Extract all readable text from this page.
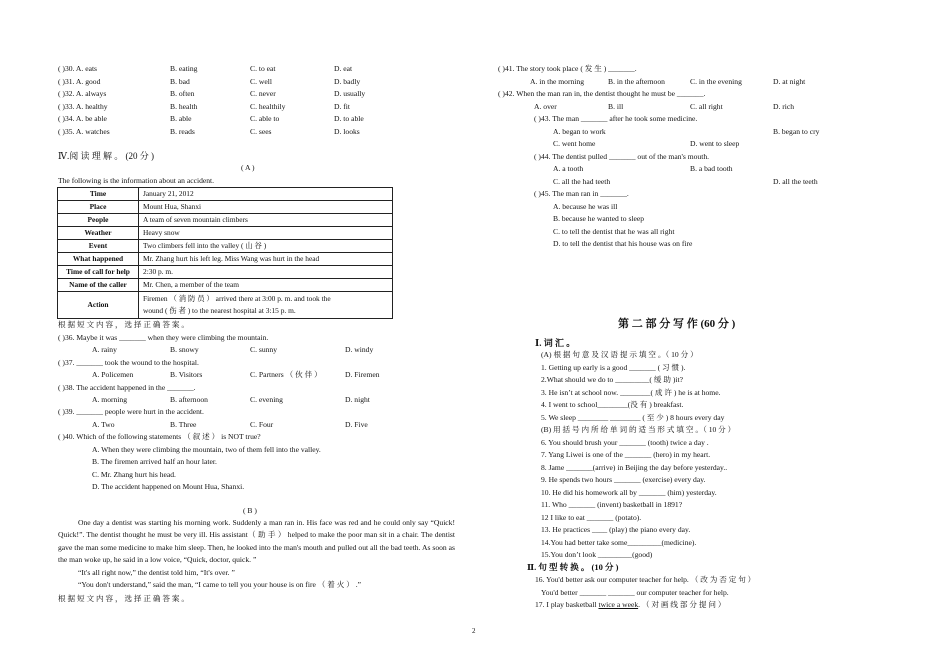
( )30. A. eats	B. eating	C. to eat	D. eat
( )31. A. good	B. bad	C. well	D. badly
( )32. A. always	B. often	C. never	D. usually
( )33. A. healthy	B. health	C. healthily	D. fit
( )34. A. be able	B. able	C. able to	D. to able
( )35. A. watches	B. reads	C. sees	D. looks
Ⅳ.阅 读 理 解 。 (20 分 )
( A )
The following is the information about an accident.
Time	January 21, 2012
Place	Mount Hua, Shanxi
People	A team of seven mountain climbers
Weather	Heavy snow
Event	Two climbers fell into the valley ( 山 谷 )
What happened	Mr. Zhang hurt his left leg. Miss Wang was hurt in the head
Time of call for help	2:30 p. m.
Name of the caller	Mr. Chen, a member of the team
Action	Firemen （ 消 防 员 ） arrived there at 3:00 p. m. and took the
wound ( 伤 者 ) to the nearest hospital at 3:15 p. m.
根 据 短 文 内 容 ， 选 择 正 确 答 案 。
( )36. Maybe it was _______ when they were climbing the mountain.
A. rainy	B. snowy	C. sunny	D. windy
( )37. _______ took the wound to the hospital.
A. Policemen	B. Visitors	C. Partners （ 伙 伴 ）	D. Firemen
( )38. The accident happened in the _______.
A. morning	B. afternoon	C. evening	D. night
( )39. _______ people were hurt in the accident.
A. Two	B. Three	C. Four	D. Five
( )40. Which of the following statements （ 叙 述 ） is NOT true?
A. When they were climbing the mountain, two of them fell into the valley.
B. The firemen arrived half an hour later.
C. Mr. Zhang hurt his head.
D. The accident happened on Mount Hua, Shanxi.
( B )

One day a dentist was starting his morning work. Suddenly a man ran in. His face was red and he could only say “Quick! Quick!”. The dentist thought he must be very ill. His assistant（ 助 手 ） helped to make the poor man sit in a chair. The dentist gave the man some medicine to make him sleep. Then, he looked into the man's mouth and pulled out all the bad teeth. As soon as the man woke up, he said in a low voice, “Quick, doctor, quick. ”

“It's all right now,” the dentist told him, “It's over. ”

“You don't understand,” said the man, “I came to tell you your house is on fire （ 着 火 ） .”

根 据 短 文 内 容 ， 选 择 正 确 答 案 。
( )41. The story took place ( 发 生 ) _______.
A. in the morning	B. in the afternoon	C. in the evening	D. at night
( )42. When the man ran in, the dentist thought he must be _______.
A. over	B. ill	C. all right	D. rich
( )43. The man _______ after he took some medicine.
A. began to work	B. began to cry
C. went home	D. went to sleep
( )44. The dentist pulled _______ out of the man's mouth.
A. a tooth	B. a bad tooth
C. all the had teeth	D. all the teeth
( )45. The man ran in _______.
A. because he was ill
B. because he wanted to sleep
C. to tell the dentist that he was all right
D. to tell the dentist that his house was on fire
第 二 部 分 写 作 (60 分 )
Ⅰ. 词 汇 。
(A) 根 据 句 意 及 汉 语 提 示 填 空 。（ 10 分 ）
1. Getting up early is a good _______ ( 习 惯 ).
2.What should we do to _________( 缓 助 )it?
3. He isn’t at school now. ________( 成 许 ) he is at home.
4. I went to school________(没 有 ) breakfast.
5. We sleep ________ ________ ( 至 少 ) 8 hours every day
(B) 用 括 号 内 所 给 单 词 的 适 当 形 式 填 空 。（ 10 分 ）
6. You should brush your _______ (tooth) twice a day .
7. Yang Liwei is one of the _______ (hero) in my heart.
8. Jame _______(arrive) in Beijing the day before yesterday..
9. He spends two hours _______ (exercise) every day.
10. He did his homework all by _______ (him) yesterday.
11. Who _______ (invent) basketball in 1891?
12 I like to eat _______ (potato).
13. He practices ____ (play) the piano every day.
14.You had better take some_________(medicine).
15.You don’t look _________(good)
Ⅱ. 句 型 转 换 。 (10 分 )
16. You'd better ask our computer teacher for help. （ 改 为 否 定 句 ）
You'd better _______ _______ our computer teacher for help.
17. I play basketball twice a week. （ 对 画 线 部 分 提 问 ）
2
